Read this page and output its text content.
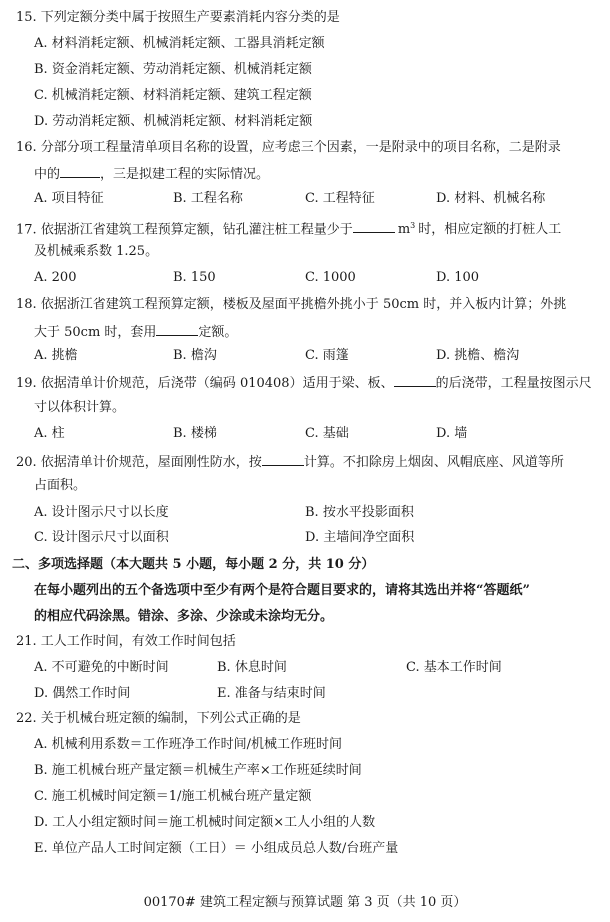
15. 下列定额分类中属于按照生产要素消耗内容分类的是
A. 材料消耗定额、机械消耗定额、工器具消耗定额
B. 资金消耗定额、劳动消耗定额、机械消耗定额
C. 机械消耗定额、材料消耗定额、建筑工程定额
D. 劳动消耗定额、机械消耗定额、材料消耗定额
16. 分部分项工程量清单项目名称的设置，应考虑三个因素，一是附录中的项目名称，二是附录
中的	，三是拟建工程的实际情况。
A. 项目特征	B. 工程名称	C. 工程特征	D. 材料、机械名称
17. 依据浙江省建筑工程预算定额，钻孔灌注桩工程量少于	$m^3$ 时，相应定额的打桩人工
及机械乘系数 1.25。
A. 200	B. 150	C. 1000	D. 100
18. 依据浙江省建筑工程预算定额，楼板及屋面平挑檐外挑小于 50cm 时，并入板内计算；外挑
大于 50cm 时，套用	定额。
A. 挑檐	B. 檐沟	C. 雨篷	D. 挑檐、檐沟
19. 依据清单计价规范，后浇带（编码 010408）适用于梁、板、	的后浇带，工程量按图示尺
寸以体积计算。
A. 柱	B. 楼梯	C. 基础	D. 墙
20. 依据清单计价规范，屋面刚性防水，按	计算。不扣除房上烟囱、风帽底座、风道等所
占面积。
A. 设计图示尺寸以长度	B. 按水平投影面积
C. 设计图示尺寸以面积	D. 主墙间净空面积
二、多项选择题（本大题共 5 小题，每小题 2 分，共 10 分）
在每小题列出的五个备选项中至少有两个是符合题目要求的，请将其选出并将“答题纸”
的相应代码涂黑。错涂、多涂、少涂或未涂均无分。
21. 工人工作时间，有效工作时间包括
A. 不可避免的中断时间	B. 休息时间	C. 基本工作时间
D. 偶然工作时间	E. 准备与结束时间
22. 关于机械台班定额的编制，下列公式正确的是
A. 机械利用系数＝工作班净工作时间/机械工作班时间
B. 施工机械台班产量定额＝机械生产率×工作班延续时间
C. 施工机械时间定额＝1/施工机械台班产量定额
D. 工人小组定额时间＝施工机械时间定额×工人小组的人数
E. 单位产品人工时间定额（工日）＝ 小组成员总人数/台班产量
00170# 建筑工程定额与预算试题 第 3 页（共 10 页）
